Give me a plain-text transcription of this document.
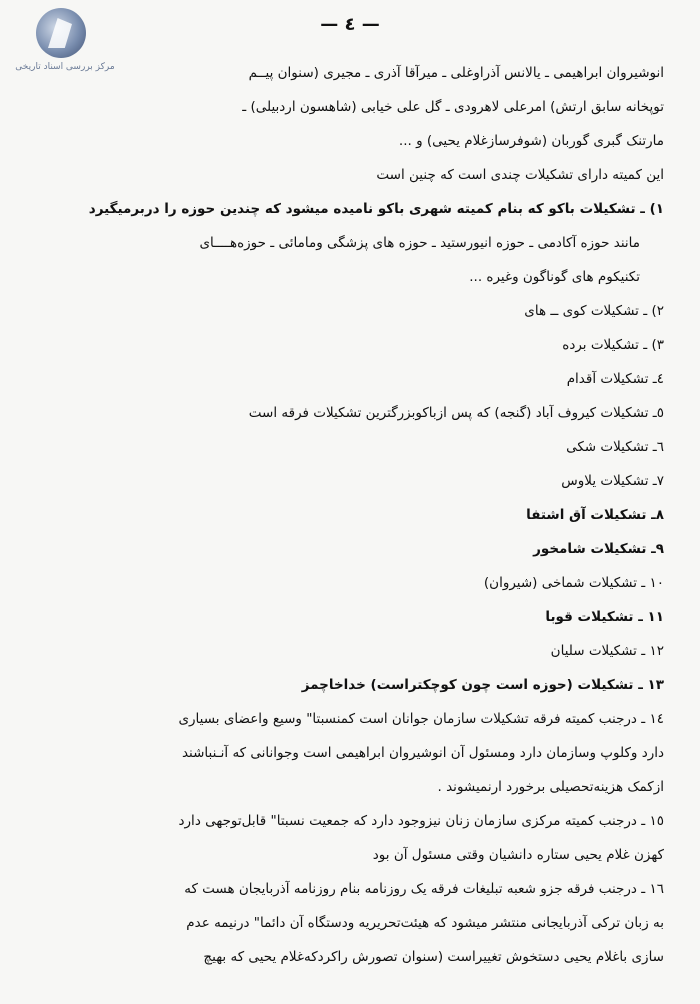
— ٤ —
مرکز بررسی اسناد تاریخی	انوشیروان ابراهیمی ـ یالانس آذراوغلی ـ میرآقا آذری ـ مجیری (سنوان پیــم

توپخانه سابق ارتش) امرعلی لاهرودی ـ گل علی خیابی (شاهسون اردبیلی) ـ

مارتنک گبری گوربان (شوفرسازغلام یحیی) و ...

این کمیته دارای تشکیلات چندی است که چنین است

۱) ـ تشکیلات باکو که بنام کمیته شهری باکو نامیده میشود که چندین حوزه را دربرمیگیرد

مانند حوزه آکادمی ـ حوزه انیورستید ـ حوزه های پزشگی ومامائی ـ حوزه‌هــــای

تکنیکوم های گوناگون وغیره ...

۲) ـ تشکیلات کوی ــ های

۳) ـ تشکیلات برده

٤ـ تشکیلات آقدام

٥ـ تشکیلات کیروف آباد (گنجه) که پس ازباکوبزرگترین تشکیلات فرقه است

٦ـ تشکیلات شکی

٧ـ تشکیلات یلاوس

٨ـ تشکیلات آق اشتفا

٩ـ تشکیلات شامخور

۱۰ ـ تشکیلات شماخی (شیروان)

۱۱ ـ تشکیلات قوبا

۱۲ ـ تشکیلات سلیان

۱۳ ـ تشکیلات (حوزه است چون کوچکتراست) خداخاچمز

۱٤ ـ درجنب کمیته فرقه تشکیلات سازمان جوانان است کمنسبتا" وسیع واعضای بسیاری

دارد وکلوپ وسازمان دارد ومسئول آن انوشیروان ابراهیمی است وجوانانی که آنـنباشند

ازکمک هزینه‌تحصیلی برخورد ارنمیشوند .

۱٥ ـ درجنب کمیته مرکزی سازمان زنان نیزوجود دارد که جمعیت نسبتا" قابل‌توجهی دارد

کهزن غلام یحیی ستاره دانشیان وقتی مسئول آن بود

۱٦ ـ درجنب فرقه جزو شعبه تبلیغات فرقه یک روزنامه بنام روزنامه آذربایجان هست که

به زبان ترکی آذربایجانی منتشر میشود که هیئت‌تحریریه ودستگاه آن دائما" درنیمه عدم

سازی باغلام یحیی دستخوش تغییراست (سنوان تصورش راکردکه‌غلام یحیی که بهیچ
